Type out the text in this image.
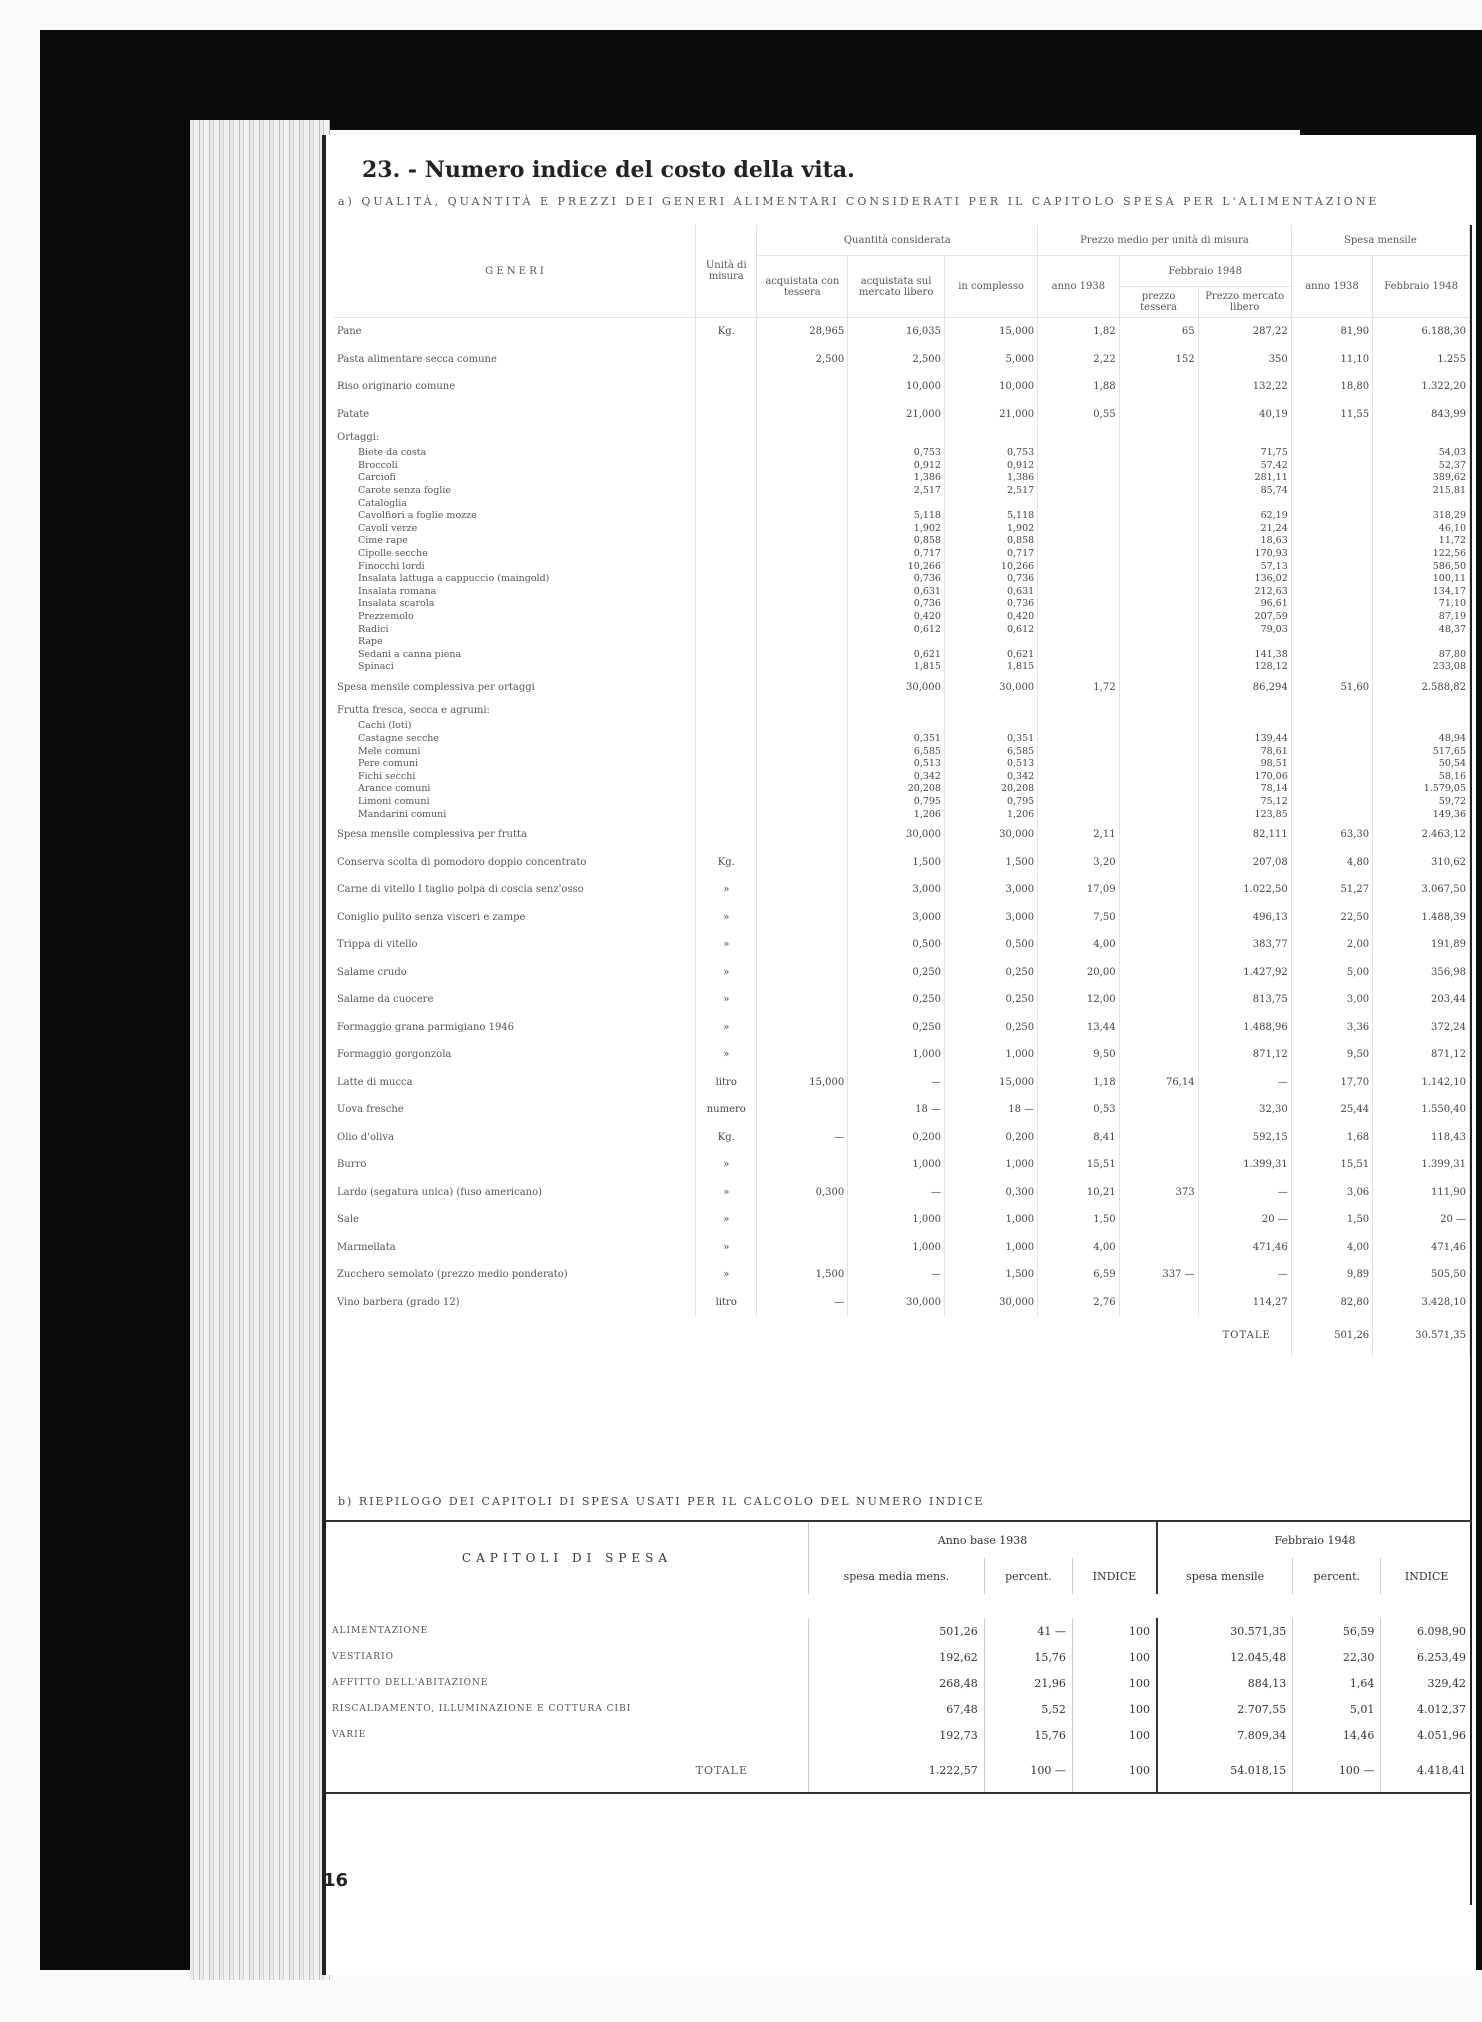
23. - Numero indice del costo della vita.
a) QUALITÀ, QUANTITÀ E PREZZI DEI GENERI ALIMENTARI CONSIDERATI PER IL CAPITOLO SPESA PER L'ALIMENTAZIONE
G E N E R I	Unità di misura	Quantità considerata			Prezzo medio per unità di misura			Spesa mensile	
		acquistata con tessera	acquistata sul mercato libero	in complesso	anno 1938	Febbraio 1948		anno 1938	Febbraio 1948
						prezzo tessera	Prezzo mercato libero		
Pane	Kg.	28,965	16,035	15,000	1,82	65	287,22	81,90	6.188,30
Pasta alimentare secca comune		2,500	2,500	5,000	2,22	152	350	11,10	1.255
Riso originario comune			10,000	10,000	1,88		132,22	18,80	1.322,20
Patate			21,000	21,000	0,55		40,19	11,55	843,99
Ortaggi:									
Biete da costa			0,753	0,753			71,75		54,03
Broccoli			0,912	0,912			57,42		52,37
Carciofi			1,386	1,386			281,11		389,62
Carote senza foglie			2,517	2,517			85,74		215,81
Cataloglia									
Cavolfiori a foglie mozze			5,118	5,118			62,19		318,29
Cavoli verze			1,902	1,902			21,24		46,10
Cime rape			0,858	0,858			18,63		11,72
Cipolle secche			0,717	0,717			170,93		122,56
Finocchi lordi			10,266	10,266			57,13		586,50
Insalata lattuga a cappuccio (maingold)			0,736	0,736			136,02		100,11
Insalata romana			0,631	0,631			212,63		134,17
Insalata scarola			0,736	0,736			96,61		71,10
Prezzemolo			0,420	0,420			207,59		87,19
Radici			0,612	0,612			79,03		48,37
Rape									
Sedani a canna piena			0,621	0,621			141,38		87,80
Spinaci			1,815	1,815			128,12		233,08
Spesa mensile complessiva per ortaggi			30,000	30,000	1,72		86,294	51,60	2.588,82
Frutta fresca, secca e agrumi:									
Cachi (loti)									
Castagne secche			0,351	0,351			139,44		48,94
Mele comuni			6,585	6,585			78,61		517,65
Pere comuni			0,513	0,513			98,51		50,54
Fichi secchi			0,342	0,342			170,06		58,16
Arance comuni			20,208	20,208			78,14		1.579,05
Limoni comuni			0,795	0,795			75,12		59,72
Mandarini comuni			1,206	1,206			123,85		149,36
Spesa mensile complessiva per frutta			30,000	30,000	2,11		82,111	63,30	2.463,12
Conserva scolta di pomodoro doppio concentrato	Kg.		1,500	1,500	3,20		207,08	4,80	310,62
Carne di vitello I taglio polpa di coscia senz'osso	»		3,000	3,000	17,09		1.022,50	51,27	3.067,50
Coniglio pulito senza visceri e zampe	»		3,000	3,000	7,50		496,13	22,50	1.488,39
Trippa di vitello	»		0,500	0,500	4,00		383,77	2,00	191,89
Salame crudo	»		0,250	0,250	20,00		1.427,92	5,00	356,98
Salame da cuocere	»		0,250	0,250	12,00		813,75	3,00	203,44
Formaggio grana parmigiano 1946	»		0,250	0,250	13,44		1.488,96	3,36	372,24
Formaggio gorgonzola	»		1,000	1,000	9,50		871,12	9,50	871,12
Latte di mucca	litro	15,000	—	15,000	1,18	76,14	—	17,70	1.142,10
Uova fresche	numero		18 —	18 —	0,53		32,30	25,44	1.550,40
Olio d'oliva	Kg.	—	0,200	0,200	8,41		592,15	1,68	118,43
Burro	»		1,000	1,000	15,51		1.399,31	15,51	1.399,31
Lardo (segatura unica) (fuso americano)	»	0,300	—	0,300	10,21	373	—	3,06	111,90
Sale	»		1,000	1,000	1,50		20 —	1,50	20 —
Marmellata	»		1,000	1,000	4,00		471,46	4,00	471,46
Zucchero semolato (prezzo medio ponderato)	»	1,500	—	1,500	6,59	337 —	—	9,89	505,50
Vino barbera (grado 12)	litro	—	30,000	30,000	2,76		114,27	82,80	3.428,10
TOTALE								501,26	30.571,35
b) RIEPILOGO DEI CAPITOLI DI SPESA USATI PER IL CALCOLO DEL NUMERO INDICE
CAPITOLI DI SPESA	Anno base 1938			Febbraio 1948		
	spesa media mens.	percent.	INDICE	spesa mensile	percent.	INDICE

ALIMENTAZIONE	501,26	41 —	100	30.571,35	56,59	6.098,90
VESTIARIO	192,62	15,76	100	12.045,48	22,30	6.253,49
AFFITTO DELL'ABITAZIONE	268,48	21,96	100	884,13	1,64	329,42
RISCALDAMENTO, ILLUMINAZIONE E COTTURA CIBI	67,48	5,52	100	2.707,55	5,01	4.012,37
VARIE	192,73	15,76	100	7.809,34	14,46	4.051,96
TOTALE	1.222,57	100 —	100	54.018,15	100 —	4.418,41
16
